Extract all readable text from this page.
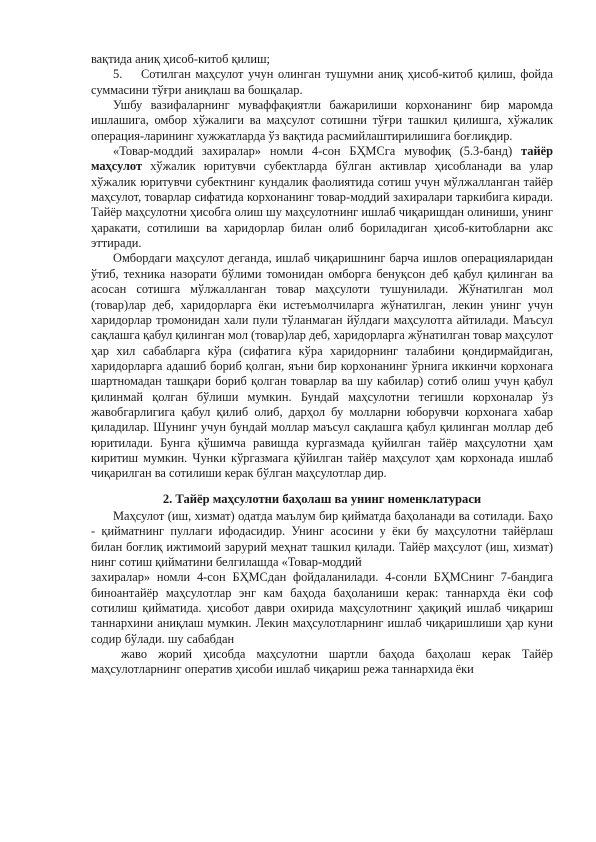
вақтида аниқ ҳисоб-китоб қилиш;

5. Сотилган маҳсулот учун олинган тушумни аниқ ҳисоб-китоб қилиш, фойда суммасини тўғри аниқлаш ва бошқалар.

Ушбу вазифаларнинг муваффақиятли бажарилиши корхонанинг бир маромда ишлашига, омбор хўжалиги ва маҳсулот сотишни тўғри ташкил қилишга, хўжалик операция-ларининг хужжатларда ўз вақтида расмийлаштирилишига боғлиқдир.

«Товар-моддий захиралар» номли 4-сон БҲМСга мувофиқ (5.3-банд) тайёр маҳсулот хўжалик юритувчи субектларда бўлган активлар ҳисобланади ва улар хўжалик юритувчи субектнинг кундалик фаолиятида сотиш учун мўлжалланган тайёр маҳсулот, товарлар сифатида корхонанинг товар-моддий захиралари таркибига киради. Тайёр маҳсулотни ҳисобга олиш шу маҳсулотнинг ишлаб чиқаришдан олиниши, унинг ҳаракати, сотилиши ва харидорлар билан олиб бориладиган ҳисоб-китобларни акс эттиради.

Омбордаги маҳсулот деганда, ишлаб чиқаришнинг барча ишлов операцияларидан ўтиб, техника назорати бўлими томонидан омборга бенуқсон деб қабул қилинган ва асосан сотишга мўлжалланган товар маҳсулоти тушунилади. Жўнатилган мол (товар)лар деб, харидорларга ёки истеъмолчиларга жўнатилган, лекин унинг учун харидорлар тромонидан хали пули тўланмаган йўлдаги маҳсулотга айтилади. Маъсул сақлашга қабул қилинган мол (товар)лар деб, харидорларга жўнатилган товар маҳсулот ҳар хил сабабларга кўра (сифатига кўра харидорнинг талабини қондирмайдиган, харидорларга адашиб бориб қолган, яъни бир корхонанинг ўрнига иккинчи корхонага шартномадан ташқари бориб қолган товарлар ва шу кабилар) сотиб олиш учун қабул қилинмай қолган бўлиши мумкин. Бундай маҳсулотни тегишли корхоналар ўз жавобгарлигига қабул қилиб олиб, дарҳол бу молларни юборувчи корхонага хабар қиладилар. Шунинг учун бундай моллар маъсул сақлашга қабул қилинган моллар деб юритилади. Бунга қўшимча равишда кургазмада қуйилган тайёр маҳсулотни ҳам киритиш мумкин. Чунки кўргазмага қўйилган тайёр маҳсулот ҳам корхонада ишлаб чиқарилган ва сотилиши керак бўлган маҳсулотлар дир.

2. Тайёр маҳсулотни баҳолаш ва унинг номенклатураси

Маҳсулот (иш, хизмат) одатда маълум бир қийматда баҳоланади ва сотилади. Баҳо - қийматнинг пуллаги ифодасидир. Унинг асосини у ёки бу маҳсулотни тайёрлаш билан боғлиқ ижтимоий зарурий меҳнат ташкил қилади. Тайёр маҳсулот (иш, хизмат) нинг сотиш қийматини белгилашда «Товар-моддий

захиралар» номли 4-сон БҲМСдан фойдаланилади. 4-сонли БҲМСнинг 7-бандига биноантайёр маҳсулотлар энг кам баҳода баҳоланиши керак: таннархда ёки соф сотилиш қийматида. ҳисобот даври охирида маҳсулотнинг ҳақиқий ишлаб чиқариш таннархини аниқлаш мумкин. Лекин маҳсулотларнинг ишлаб чиқаришлиши ҳар куни содир бўлади. шу сабабдан

жаво жорий ҳисобда маҳсулотни шартли баҳода баҳолаш керак Тайёр маҳсулотларнинг оператив ҳисоби ишлаб чиқариш режа таннархида ёки
